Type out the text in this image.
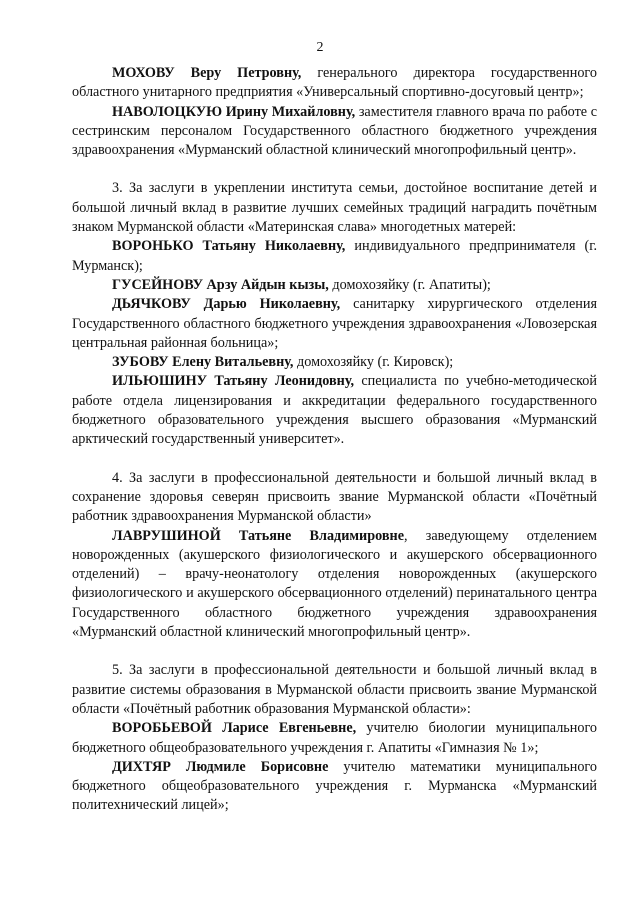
2

МОХОВУ Веру Петровну, генерального директора государственного областного унитарного предприятия «Универсальный спортивно-досуговый центр»;

НАВОЛОЦКУЮ Ирину Михайловну, заместителя главного врача по работе с сестринским персоналом Государственного областного бюджетного учреждения здравоохранения «Мурманский областной клинический многопрофильный центр».

3. За заслуги в укреплении института семьи, достойное воспитание детей и большой личный вклад в развитие лучших семейных традиций наградить почётным знаком Мурманской области «Материнская слава» многодетных матерей:

ВОРОНЬКО Татьяну Николаевну, индивидуального предпринимателя (г. Мурманск);

ГУСЕЙНОВУ Арзу Айдын кызы, домохозяйку (г. Апатиты);

ДЬЯЧКОВУ Дарью Николаевну, санитарку хирургического отделения Государственного областного бюджетного учреждения здравоохранения «Ловозерская центральная районная больница»;

ЗУБОВУ Елену Витальевну, домохозяйку (г. Кировск);

ИЛЬЮШИНУ Татьяну Леонидовну, специалиста по учебно-методической работе отдела лицензирования и аккредитации федерального государственного бюджетного образовательного учреждения высшего образования «Мурманский арктический государственный университет».

4. За заслуги в профессиональной деятельности и большой личный вклад в сохранение здоровья северян присвоить звание Мурманской области «Почётный работник здравоохранения Мурманской области»

ЛАВРУШИНОЙ Татьяне Владимировне, заведующему отделением новорожденных (акушерского физиологического и акушерского обсервационного отделений) – врачу-неонатологу отделения новорожденных (акушерского физиологического и акушерского обсервационного отделений) перинатального центра Государственного областного бюджетного учреждения здравоохранения «Мурманский областной клинический многопрофильный центр».

5. За заслуги в профессиональной деятельности и большой личный вклад в развитие системы образования в Мурманской области присвоить звание Мурманской области «Почётный работник образования Мурманской области»:

ВОРОБЬЕВОЙ Ларисе Евгеньевне, учителю биологии муниципального бюджетного общеобразовательного учреждения г. Апатиты «Гимназия № 1»;

ДИХТЯР Людмиле Борисовне учителю математики муниципального бюджетного общеобразовательного учреждения г. Мурманска «Мурманский политехнический лицей»;
